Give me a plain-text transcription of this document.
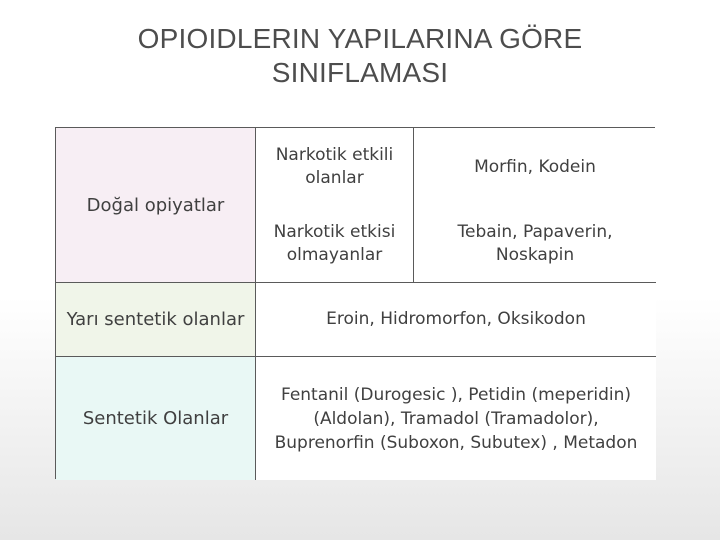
OPIOIDLERIN YAPILARINA GÖRE
SINIFLAMASI
Doğal opiyatlar
Narkotik etkili olanlar
Morfin, Kodein
Narkotik etkisi olmayanlar
Tebain, Papaverin, Noskapin
Yarı sentetik olanlar	Eroin, Hidromorfon, Oksikodon
Sentetik Olanlar
Fentanil (Durogesic ), Petidin (meperidin) (Aldolan), Tramadol (Tramadolor), Buprenorfin (Suboxon, Subutex) , Metadon
